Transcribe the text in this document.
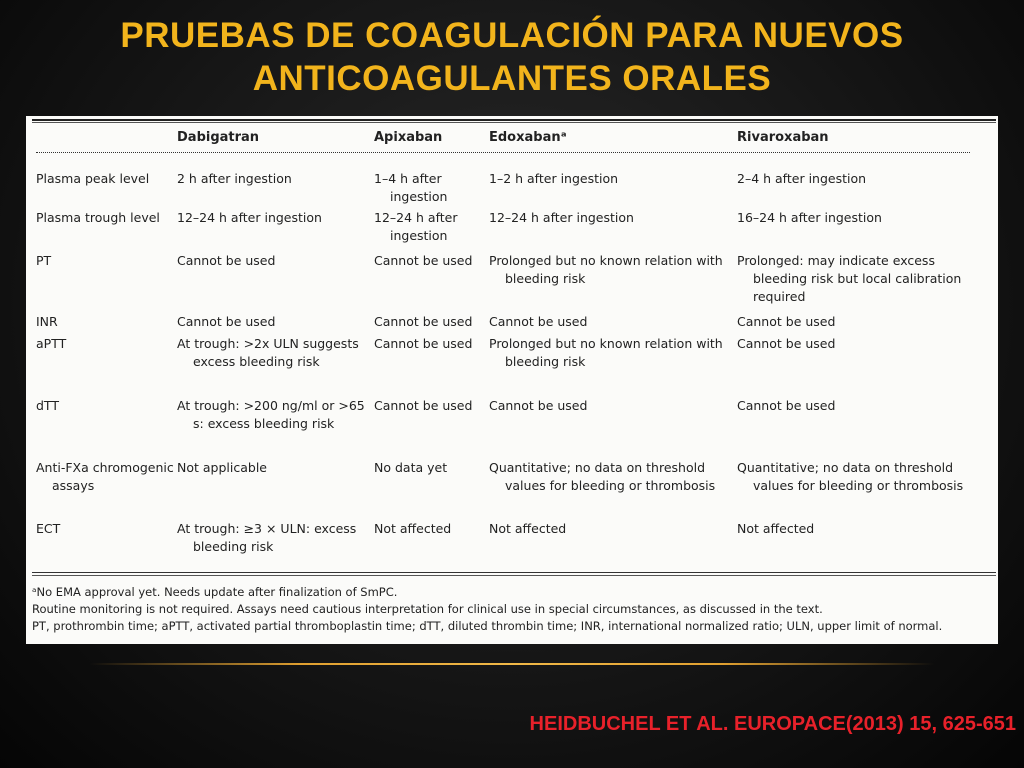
PRUEBAS DE COAGULACIÓN PARA NUEVOS
ANTICOAGULANTES ORALES
	Dabigatran	Apixaban	Edoxabanᵃ	Rivaroxaban

Plasma peak level	2 h after ingestion	1–4 h after ingestion	1–2 h after ingestion	2–4 h after ingestion

Plasma trough level	12–24 h after ingestion	12–24 h after ingestion	12–24 h after ingestion	16–24 h after ingestion

PT	Cannot be used	Cannot be used	Prolonged but no known relation with bleeding risk	Prolonged: may indicate excess bleeding risk but local calibration required

INR	Cannot be used	Cannot be used	Cannot be used	Cannot be used

aPTT	At trough: >2x ULN suggests excess bleeding risk	Cannot be used	Prolonged but no known relation with bleeding risk	Cannot be used

dTT	At trough: >200 ng/ml or >65 s: excess bleeding risk	Cannot be used	Cannot be used	Cannot be used

Anti-FXa chromogenic assays	Not applicable	No data yet	Quantitative; no data on threshold values for bleeding or thrombosis	Quantitative; no data on threshold values for bleeding or thrombosis

ECT	At trough: ≥3 × ULN: excess bleeding risk	Not affected	Not affected	Not affected
ᵃNo EMA approval yet. Needs update after finalization of SmPC.
Routine monitoring is not required. Assays need cautious interpretation for clinical use in special circumstances, as discussed in the text.
PT, prothrombin time; aPTT, activated partial thromboplastin time; dTT, diluted thrombin time; INR, international normalized ratio; ULN, upper limit of normal.
HEIDBUCHEL ET AL. EUROPACE(2013) 15, 625-651
